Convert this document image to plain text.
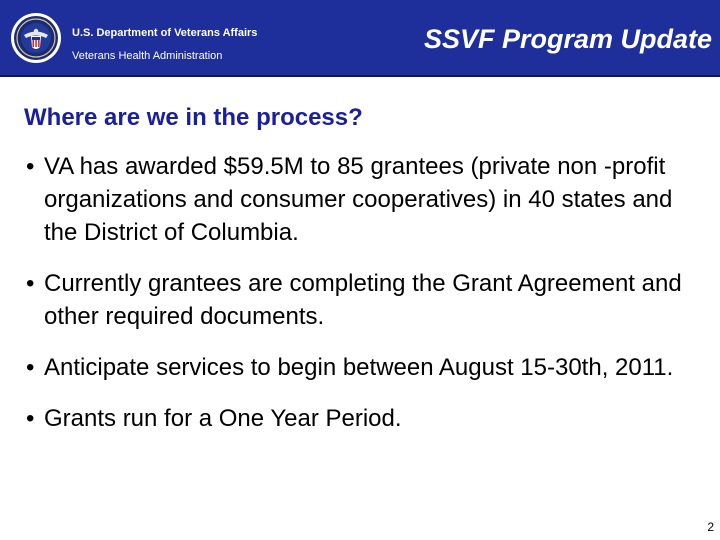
U.S. Department of Veterans Affairs
Veterans Health Administration
SSVF Program Update
Where are we in the process?
• VA has awarded $59.5M to 85 grantees (private non -profit organizations and consumer cooperatives) in 40 states and the District of Columbia.
• Currently grantees are completing the Grant Agreement and other required documents.
• Anticipate services to begin between August 15-30th, 2011.
• Grants run for a One Year Period.
2
